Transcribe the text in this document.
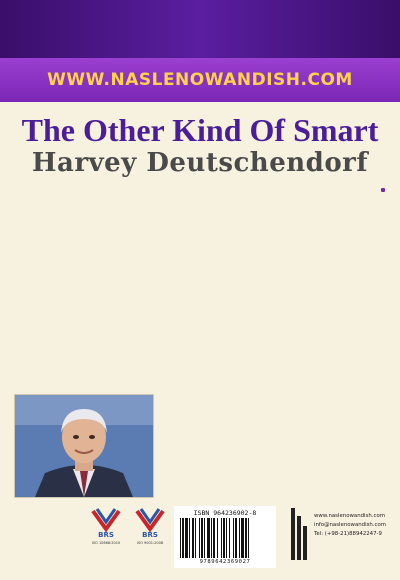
WWW.NASLENOWANDISH.COM
The Other Kind Of Smart
Harvey Deutschendorf

BRS
ISO 10668:2010
BRS
ISO 9001:2008
ISBN 964236902-8
9789642369027
www.naslenowandish.com
info@naslenowandish.com
Tel: (+98-21)88942247-9
